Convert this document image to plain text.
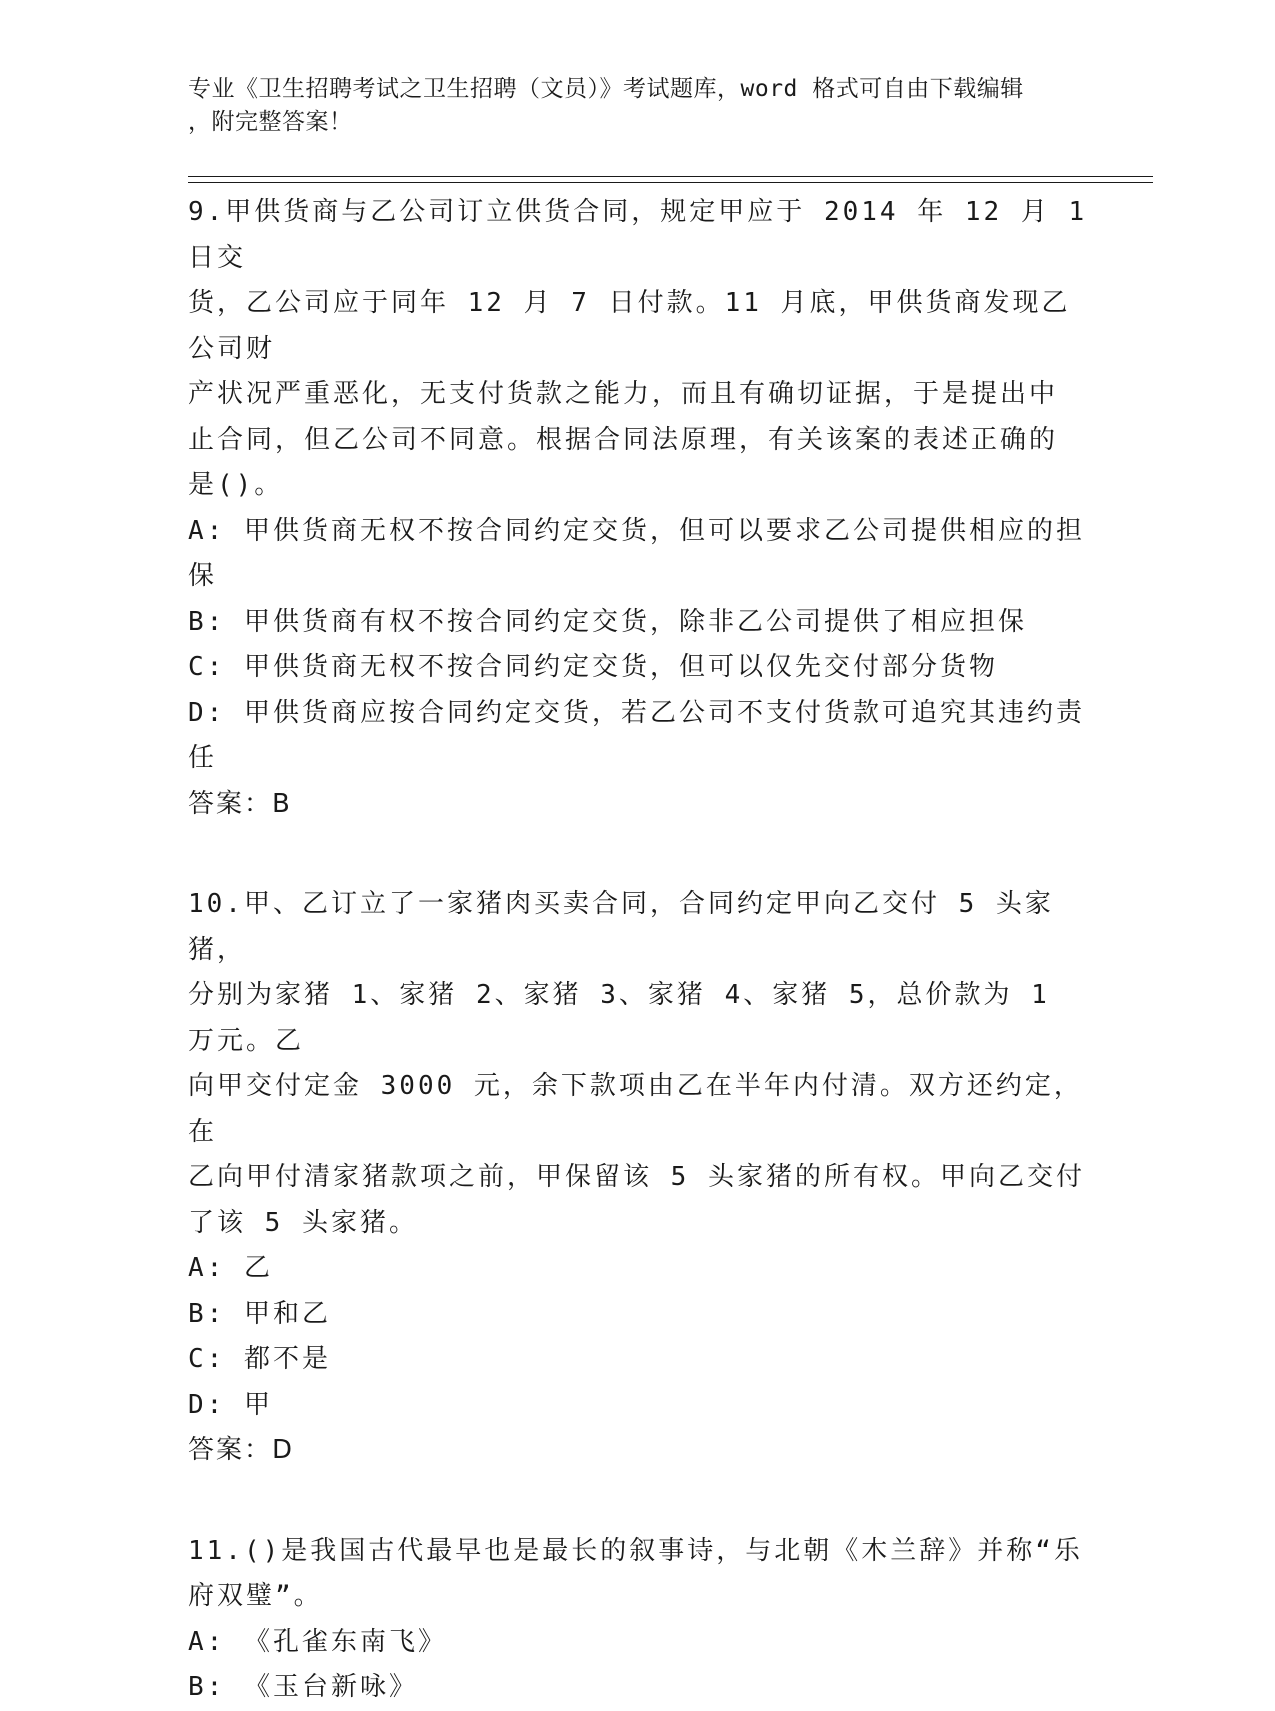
专业《卫生招聘考试之卫生招聘（文员）》考试题库，word 格式可自由下载编辑
，附完整答案！
9.甲供货商与乙公司订立供货合同，规定甲应于 2014 年 12 月 1 日交
货，乙公司应于同年 12 月 7 日付款。11 月底，甲供货商发现乙公司财
产状况严重恶化，无支付货款之能力，而且有确切证据，于是提出中
止合同，但乙公司不同意。根据合同法原理，有关该案的表述正确的
是()。
A: 甲供货商无权不按合同约定交货，但可以要求乙公司提供相应的担
保
B: 甲供货商有权不按合同约定交货，除非乙公司提供了相应担保
C: 甲供货商无权不按合同约定交货，但可以仅先交付部分货物
D: 甲供货商应按合同约定交货，若乙公司不支付货款可追究其违约责
任
答案：B
10.甲、乙订立了一家猪肉买卖合同，合同约定甲向乙交付 5 头家猪，
分别为家猪 1、家猪 2、家猪 3、家猪 4、家猪 5，总价款为 1 万元。乙
向甲交付定金 3000 元，余下款项由乙在半年内付清。双方还约定，在
乙向甲付清家猪款项之前，甲保留该 5 头家猪的所有权。甲向乙交付
了该 5 头家猪。
A: 乙
B: 甲和乙
C: 都不是
D: 甲
答案：D
11.()是我国古代最早也是最长的叙事诗，与北朝《木兰辞》并称“乐
府双璧”。
A: 《孔雀东南飞》
B: 《玉台新咏》
